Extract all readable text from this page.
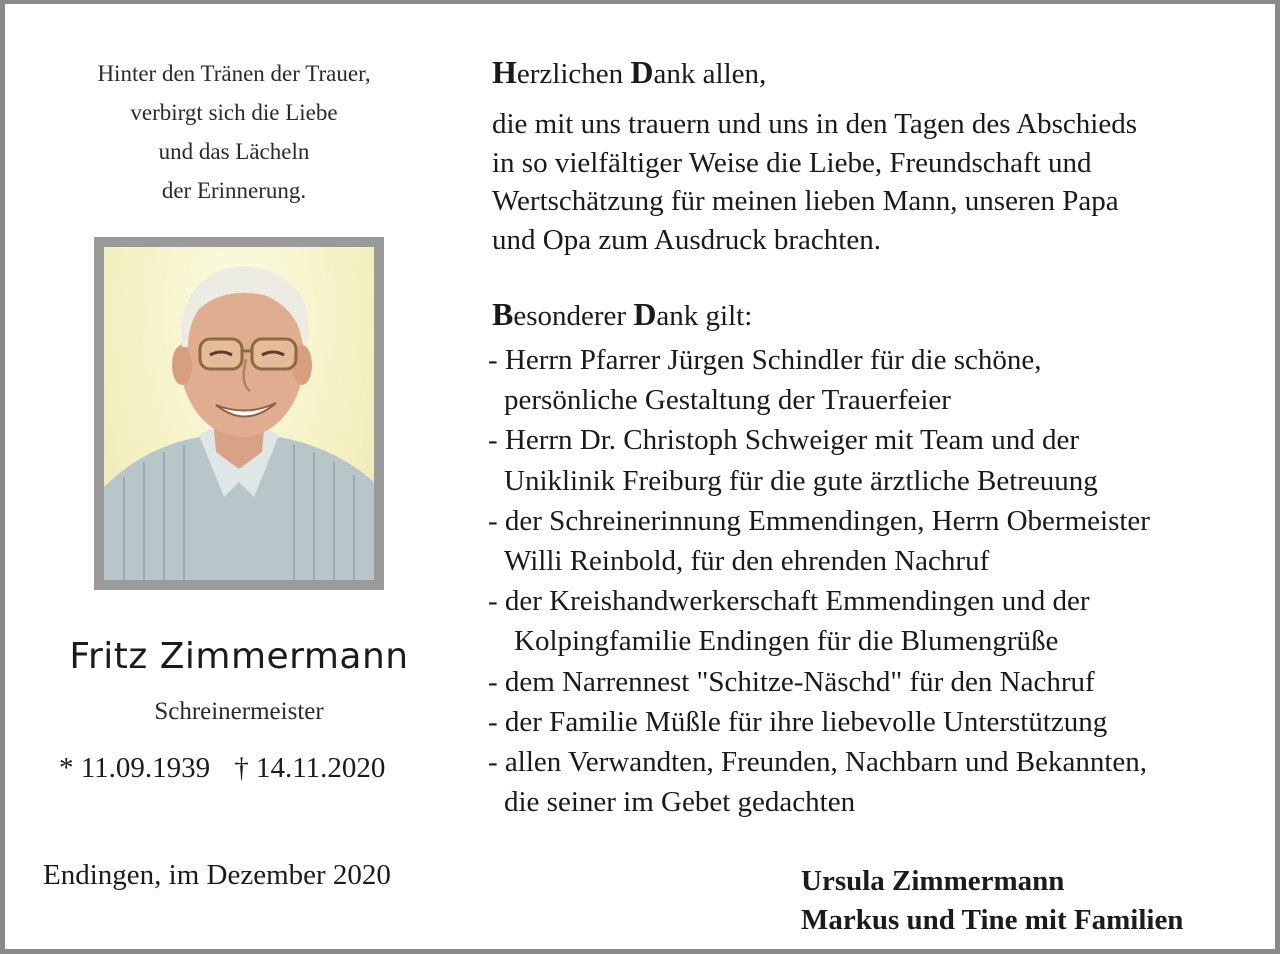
Hinter den Tränen der Trauer,
verbirgt sich die Liebe
und das Lächeln
der Erinnerung.
Fritz Zimmermann
Schreinermeister
* 11.09.1939 † 14.11.2020
Endingen, im Dezember 2020
Herzlichen Dank allen,
die mit uns trauern und uns in den Tagen des Abschieds
in so vielfältiger Weise die Liebe, Freundschaft und
Wertschätzung für meinen lieben Mann, unseren Papa
und Opa zum Ausdruck brachten.
Besonderer Dank gilt:
- Herrn Pfarrer Jürgen Schindler für die schöne,
persönliche Gestaltung der Trauerfeier
- Herrn Dr. Christoph Schweiger mit Team und der
Uniklinik Freiburg für die gute ärztliche Betreuung
- der Schreinerinnung Emmendingen, Herrn Obermeister
Willi Reinbold, für den ehrenden Nachruf
- der Kreishandwerkerschaft Emmendingen und der
Kolpingfamilie Endingen für die Blumengrüße
- dem Narrennest "Schitze-Näschd" für den Nachruf
- der Familie Müßle für ihre liebevolle Unterstützung
- allen Verwandten, Freunden, Nachbarn und Bekannten,
die seiner im Gebet gedachten
Ursula Zimmermann
Markus und Tine mit Familien
